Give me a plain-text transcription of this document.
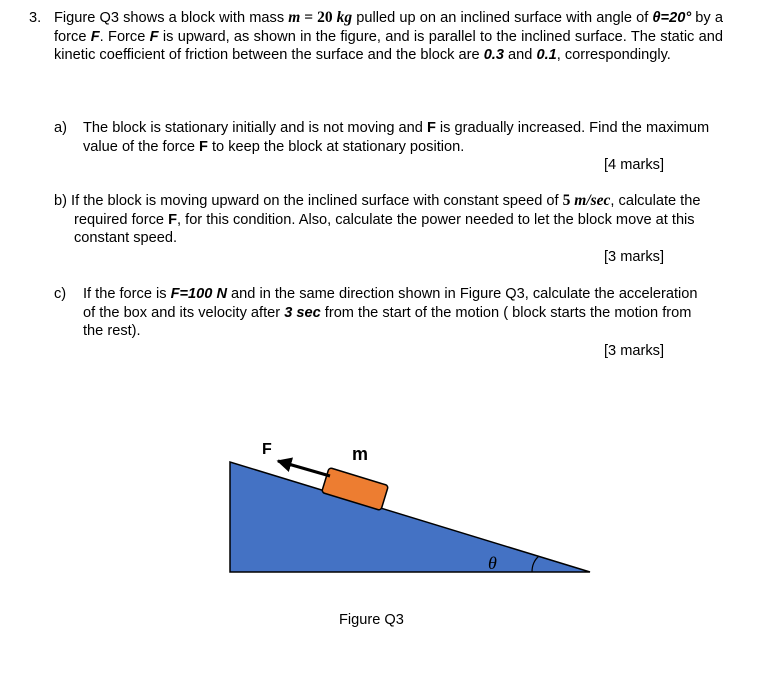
3. Figure Q3 shows a block with mass m = 20 kg pulled up on an inclined surface with angle of θ=20° by a force F. Force F is upward, as shown in the figure, and is parallel to the inclined surface. The static and kinetic coefficient of friction between the surface and the block are 0.3 and 0.1, correspondingly.
a) The block is stationary initially and is not moving and F is gradually increased. Find the maximum value of the force F to keep the block at stationary position.
[4 marks]
b) If the block is moving upward on the inclined surface with constant speed of 5 m/sec, calculate the required force F, for this condition. Also, calculate the power needed to let the block move at this constant speed.
[3 marks]
c) If the force is F=100 N and in the same direction shown in Figure Q3, calculate the acceleration of the box and its velocity after 3 sec from the start of the motion ( block starts the motion from the rest).
[3 marks]
F	m
θ
Figure Q3
